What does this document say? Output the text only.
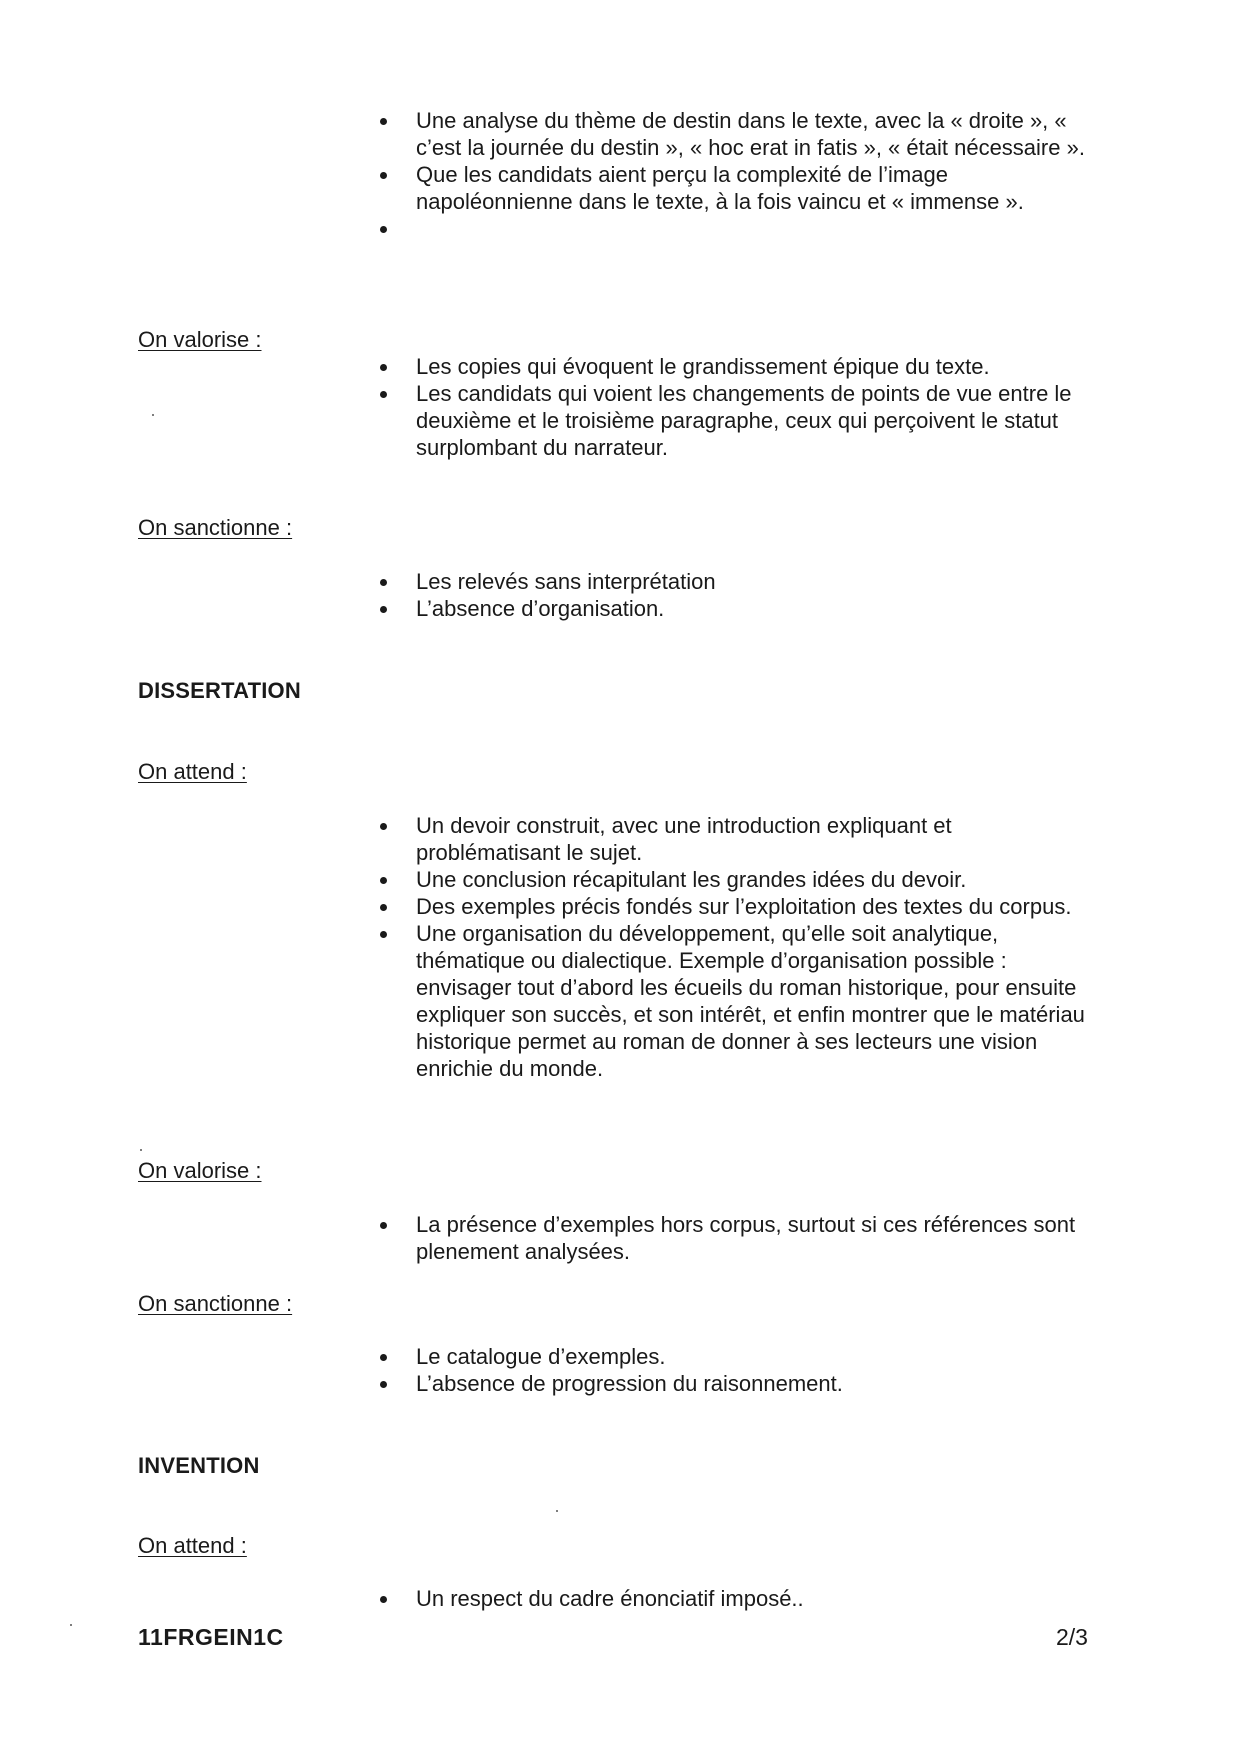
Une analyse du thème de destin dans le texte, avec la « droite », « c’est la journée du destin », « hoc erat in fatis », « était nécessaire ».
Que les candidats aient perçu la complexité de l’image napoléonnienne dans le texte, à la fois vaincu et « immense ».
On valorise :
Les copies qui évoquent le grandissement épique du texte.
Les candidats qui voient les changements de points de vue entre le deuxième et le troisième paragraphe, ceux qui perçoivent le statut surplombant du narrateur.
On sanctionne :
Les relevés sans interprétation
L’absence d’organisation.
DISSERTATION
On attend :
Un devoir construit, avec une introduction expliquant et problématisant le sujet.
Une conclusion récapitulant les grandes idées du devoir.
Des exemples précis fondés sur l’exploitation des textes du corpus.
Une organisation du développement, qu’elle soit analytique, thématique ou dialectique. Exemple d’organisation possible : envisager tout d’abord les écueils du roman historique, pour ensuite expliquer son succès, et son intérêt, et enfin montrer que le matériau historique permet au roman de donner à ses lecteurs une vision enrichie du monde.
On valorise :
La présence d’exemples hors corpus, surtout si ces références sont plenement analysées.
On sanctionne :
Le catalogue d’exemples.
L’absence de progression du raisonnement.
INVENTION
On attend :
Un respect du cadre énonciatif imposé..
11FRGEIN1C	2/3
